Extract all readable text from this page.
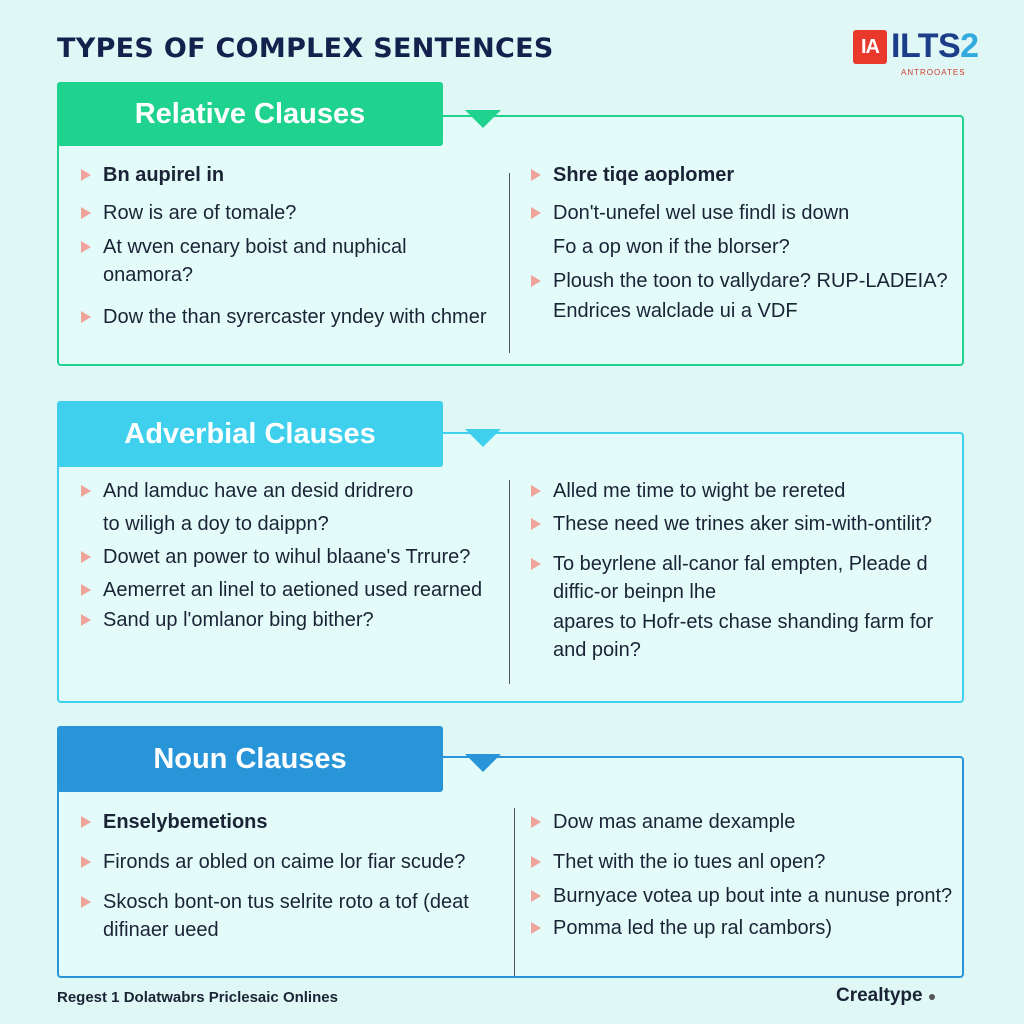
TYPES OF COMPLEX SENTENCES	IA ILTS2
ANTROOATES
Relative Clauses

Bn aupirel in

Row is are of tomale?

At wven cenary boist and nuphical onamora?

Dow the than syrercaster yndey with chmer

Shre tiqe aoplomer

Don't-unefel wel use findl is down

Fo a op won if the blorser?

Ploush the toon to vallydare? RUP-LADEIA?

Endrices walclade ui a VDF

Adverbial Clauses

And lamduc have an desid dridrero

to wiligh a doy to daippn?

Dowet an power to wihul blaane's Trrure?

Aemerret an linel to aetioned used rearned

Sand up l'omlanor bing bither?

Alled me time to wight be rereted

These need we trines aker sim-with-ontilit?

To beyrlene all-canor fal empten, Pleade d diffic-or beinpn lhe

apares to Hofr-ets chase shanding farm for and poin?

Noun Clauses

Enselybemetions

Fironds ar obled on caime lor fiar scude?

Skosch bont-on tus selrite roto a tof (deat difinaer ueed

Dow mas aname dexample

Thet with the io tues anl open?

Burnyace votea up bout inte a nunuse pront?

Pomma led the up ral cambors)

Regest 1 Dolatwabrs Priclesaic Onlines	Crealtype ●
